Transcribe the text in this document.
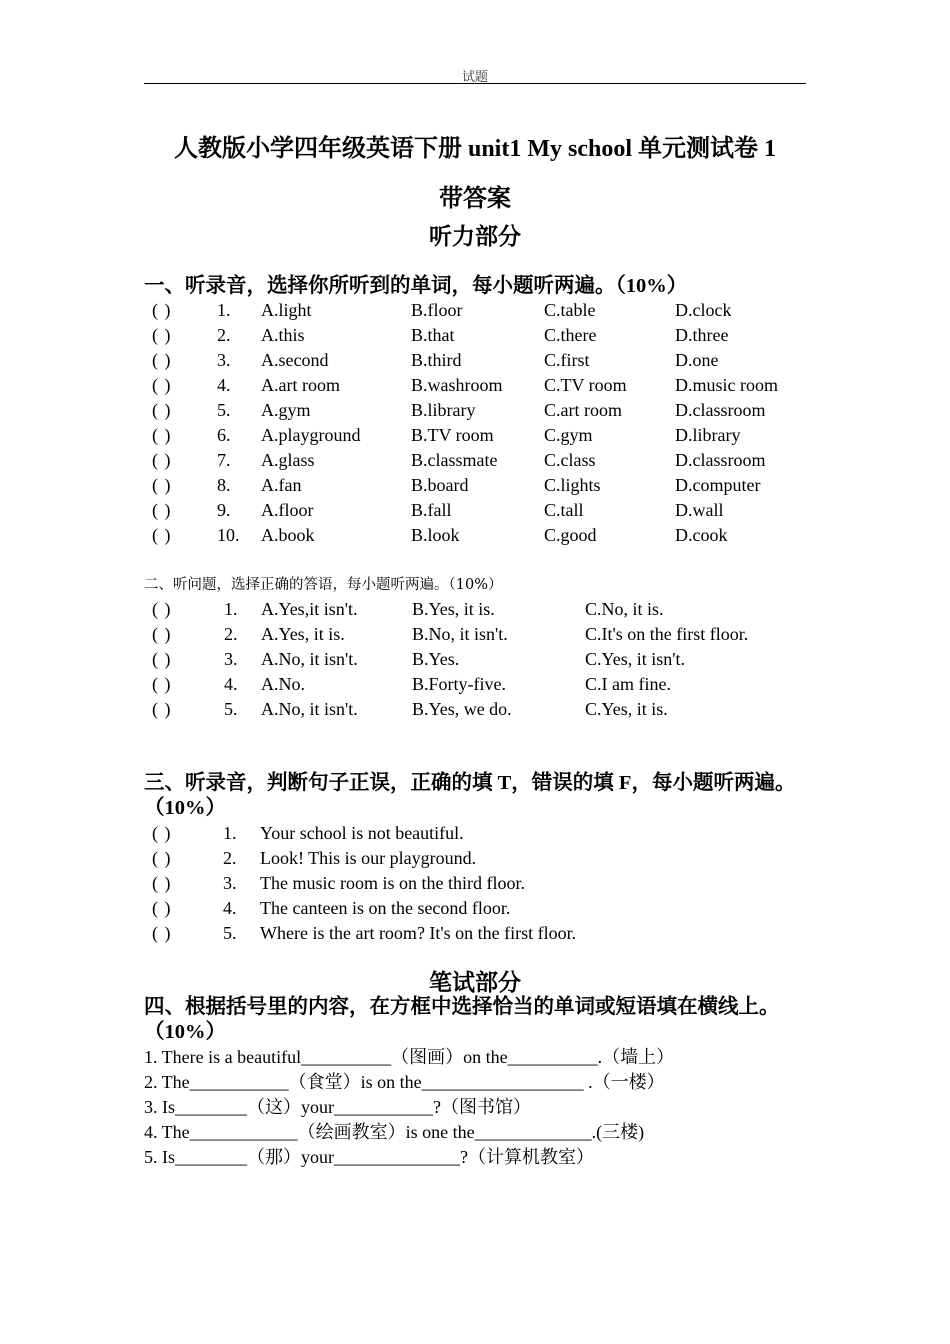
试题
人教版小学四年级英语下册 unit1 My school 单元测试卷 1
带答案
听力部分
一、听录音，选择你所听到的单词，每小题听两遍。（10%）
( )	1. A.light	B.floor	C.table	D.clock
( )	2. A.this	B.that	C.there	D.three
( )	3. A.second	B.third	C.first	D.one
( )	4. A.art room	B.washroom C.TV room	D.music room
( )	5. A.gym	B.library	C.art room	D.classroom
( )	6. A.playground	B.TV room	C.gym	D.library
( )	7. A.glass	B.classmate	C.class	D.classroom
( )	8. A.fan	B.board	C.lights	D.computer
( )	9. A.floor	B.fall	C.tall	D.wall
( )	10. A.book	B.look	C.good	D.cook
二、听问题，选择正确的答语，每小题听两遍。（10%）
( )	1. A.Yes,it isn't.	B.Yes, it is.	C.No, it is.
( )	2. A.Yes, it is.	B.No, it isn't.	C.It's on the first floor.
( )	3. A.No, it isn't.	B.Yes.	C.Yes, it isn't.
( )	4. A.No.	B.Forty-five.	C.I am fine.
( )	5. A.No, it isn't.	B.Yes, we do.	C.Yes, it is.
三、听录音，判断句子正误，正确的填 T，错误的填 F，每小题听两遍。
（10%）
( )	1. Your school is not beautiful.
( )	2. Look! This is our playground.
( )	3. The music room is on the third floor.
( )	4. The canteen is on the second floor.
( )	5. Where is the art room? It's on the first floor.
笔试部分
四、根据括号里的内容，在方框中选择恰当的单词或短语填在横线上。
（10%）
1. There is a beautiful__________（图画）on the__________.（墙上）
2. The___________（食堂）is on the__________________ .（一楼）
3. Is________（这）your___________?（图书馆）
4. The____________（绘画教室）is one the_____________.(三楼)
5. Is________（那）your______________?（计算机教室）
